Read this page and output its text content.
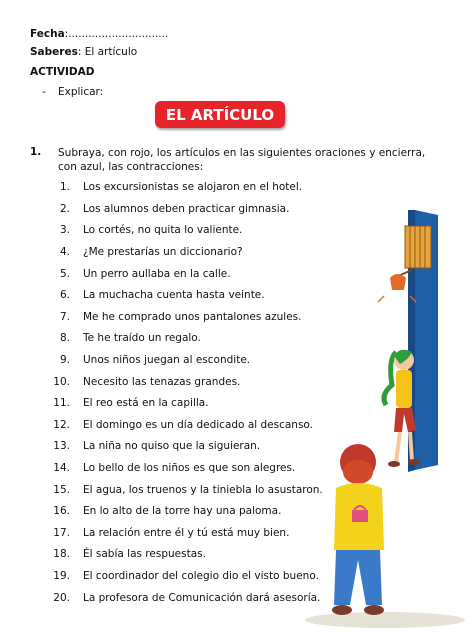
Fecha:..............................
Saberes: El artículo
ACTIVIDAD
- Explicar:
EL ARTÍCULO
1. Subraya, con rojo, los artículos en las siguientes oraciones y encierra, con azul, las contracciones:
1. Los excursionistas se alojaron en el hotel.
2. Los alumnos deben practicar gimnasia.
3. Lo cortés, no quita lo valiente.
4. ¿Me prestarías un diccionario?
5. Un perro aullaba en la calle.
6. La muchacha cuenta hasta veinte.
7. Me he comprado unos pantalones azules.
8. Te he traído un regalo.
9. Unos niños juegan al escondite.
10. Necesito las tenazas grandes.
11. El reo está en la capilla.
12. El domingo es un día dedicado al descanso.
13. La niña no quiso que la siguieran.
14. Lo bello de los niños es que son alegres.
15. El agua, los truenos y la tiniebla lo asustaron.
16. En lo alto de la torre hay una paloma.
17. La relación entre él y tú está muy bien.
18. Él sabía las respuestas.
19. El coordinador del colegio dio el visto bueno.
20. La profesora de Comunicación dará asesoría.
